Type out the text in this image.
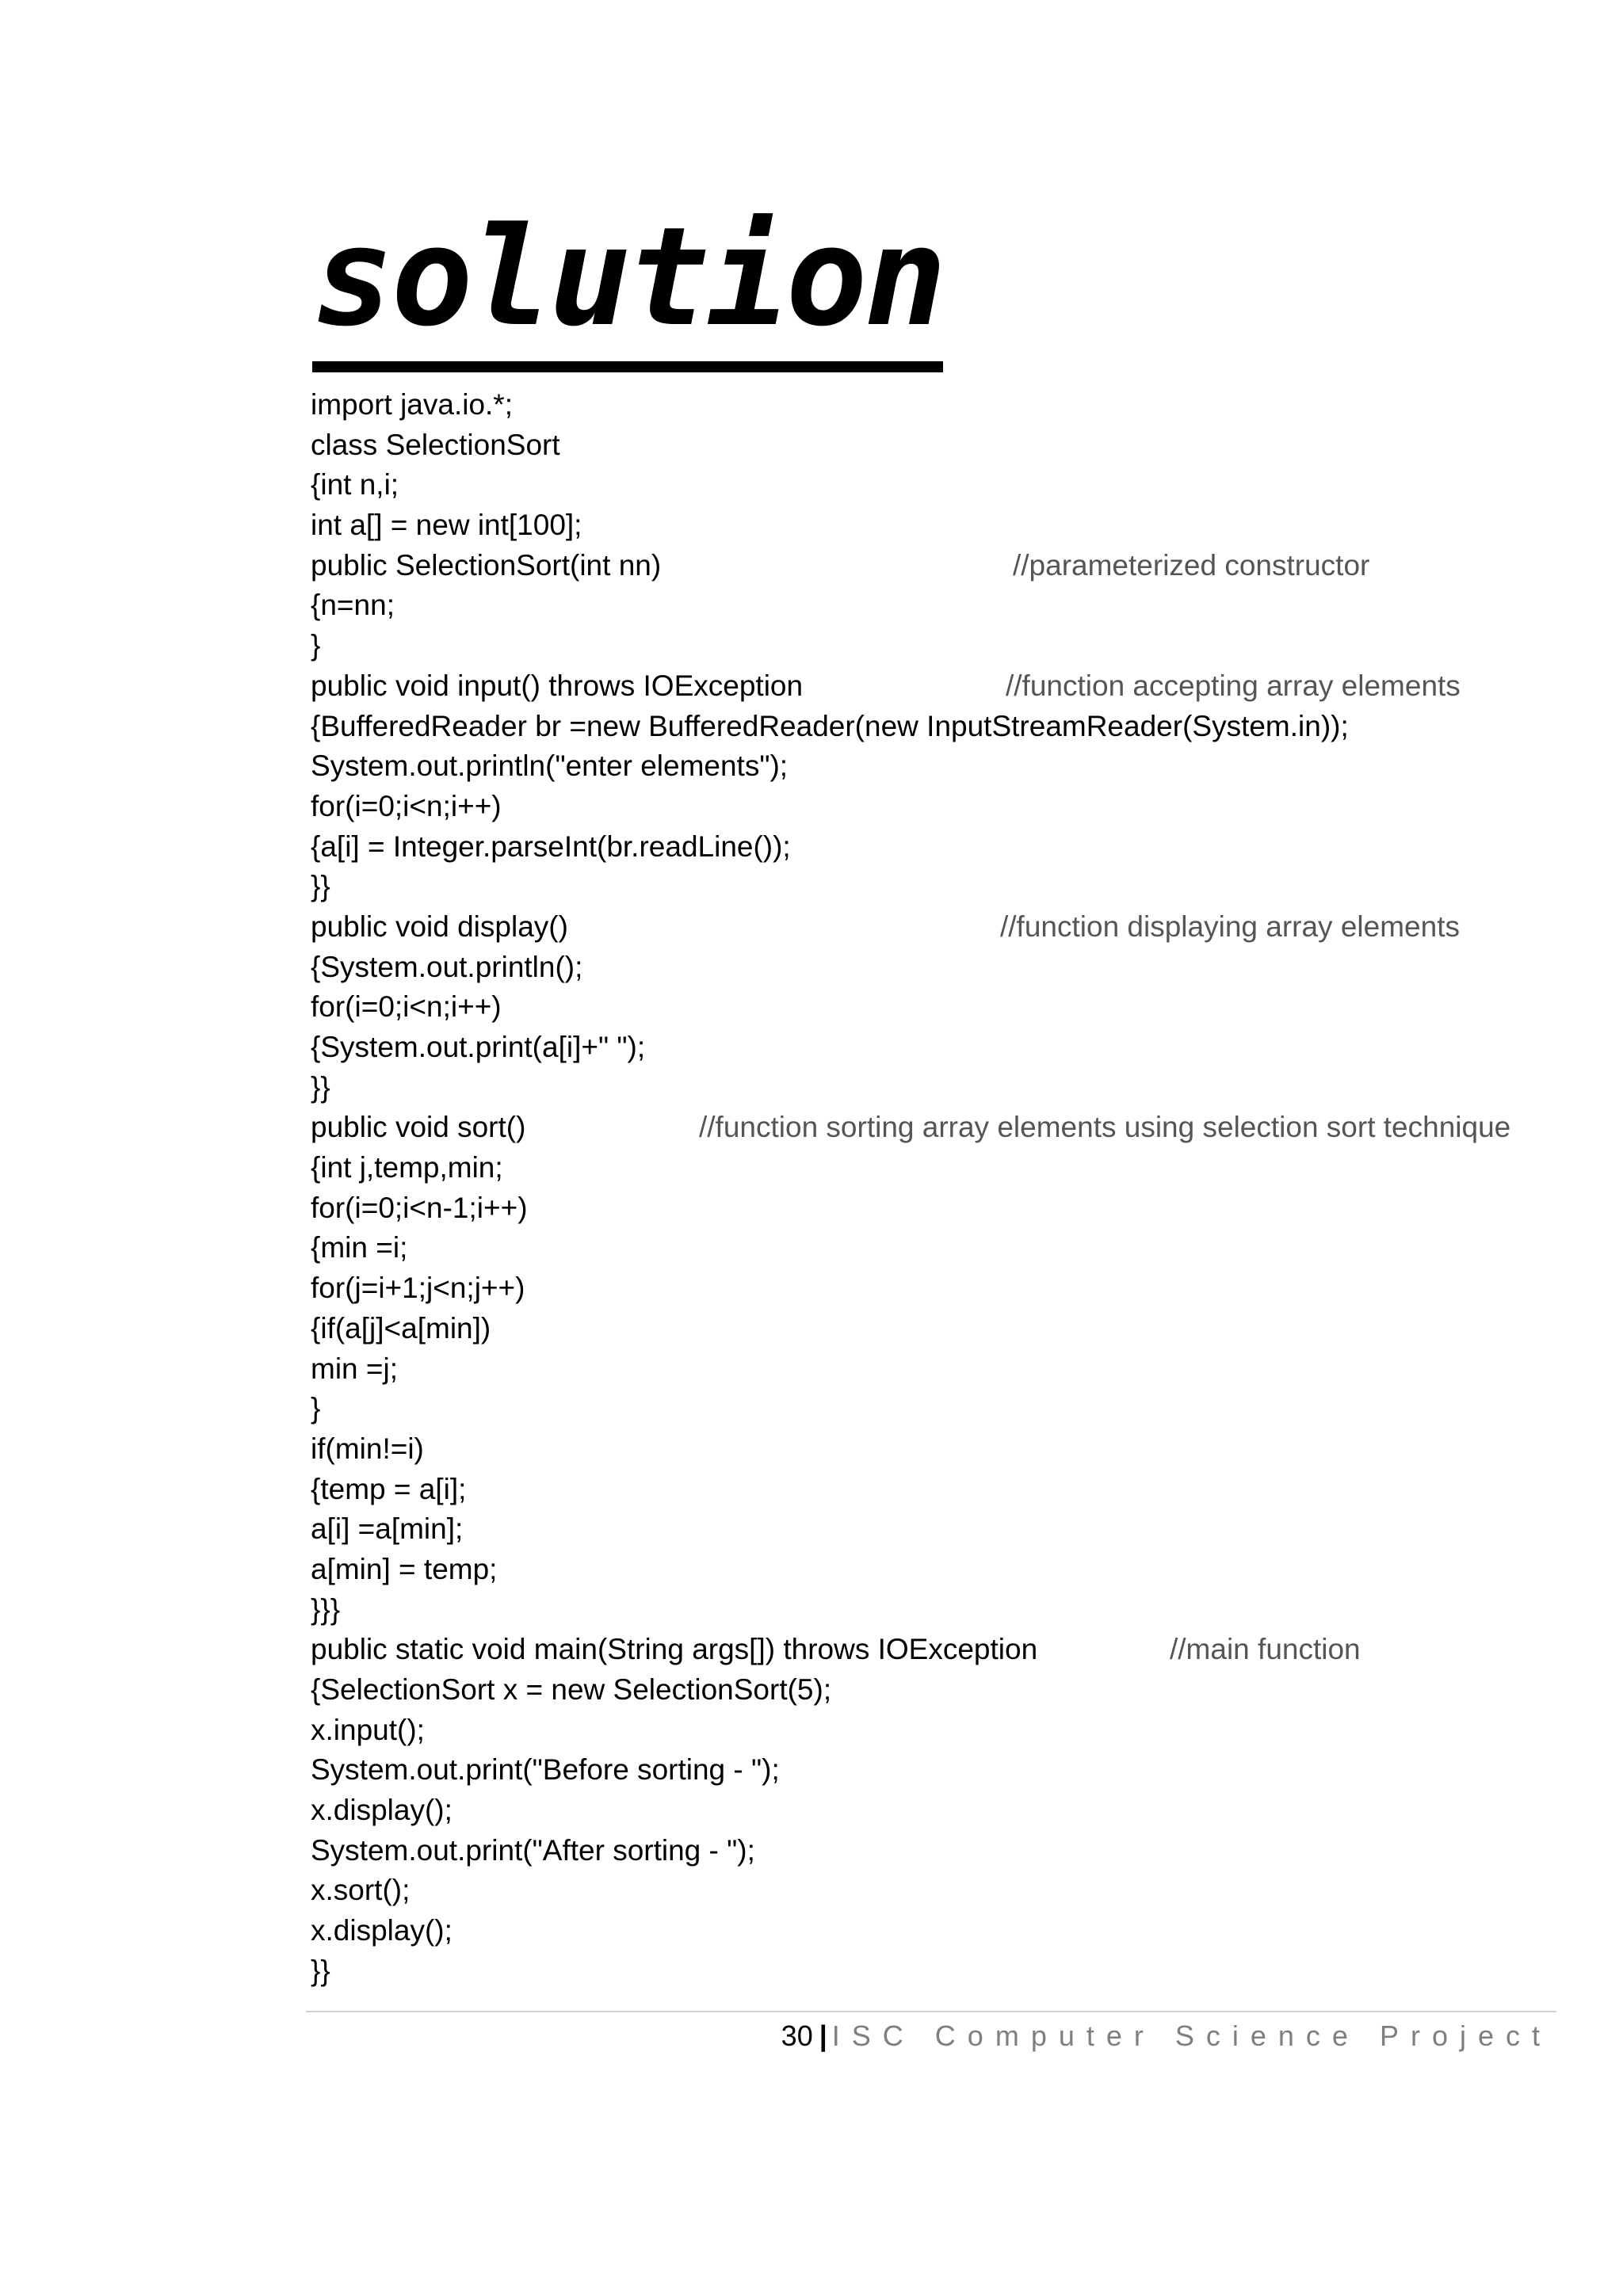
solution
import java.io.*;
class SelectionSort
{int n,i;
int a[] = new int[100];
public SelectionSort(int nn)	//parameterized constructor
{n=nn;
}
public void input() throws IOException	//function accepting array elements
{BufferedReader br =new BufferedReader(new InputStreamReader(System.in));
System.out.println("enter elements");
for(i=0;i<n;i++)
{a[i] = Integer.parseInt(br.readLine());
}}
public void display()	//function displaying array elements
{System.out.println();
for(i=0;i<n;i++)
{System.out.print(a[i]+" ");
}}
public void sort()	//function sorting array elements using selection sort technique
{int j,temp,min;
for(i=0;i<n-1;i++)
{min =i;
for(j=i+1;j<n;j++)
{if(a[j]<a[min])
min =j;
}
if(min!=i)
{temp = a[i];
a[i] =a[min];
a[min] = temp;
}}}
public static void main(String args[]) throws IOException	//main function
{SelectionSort x = new SelectionSort(5);
x.input();
System.out.print("Before sorting - ");
x.display();
System.out.print("After sorting - ");
x.sort();
x.display();
}}
30 | ISC Computer Science Project
